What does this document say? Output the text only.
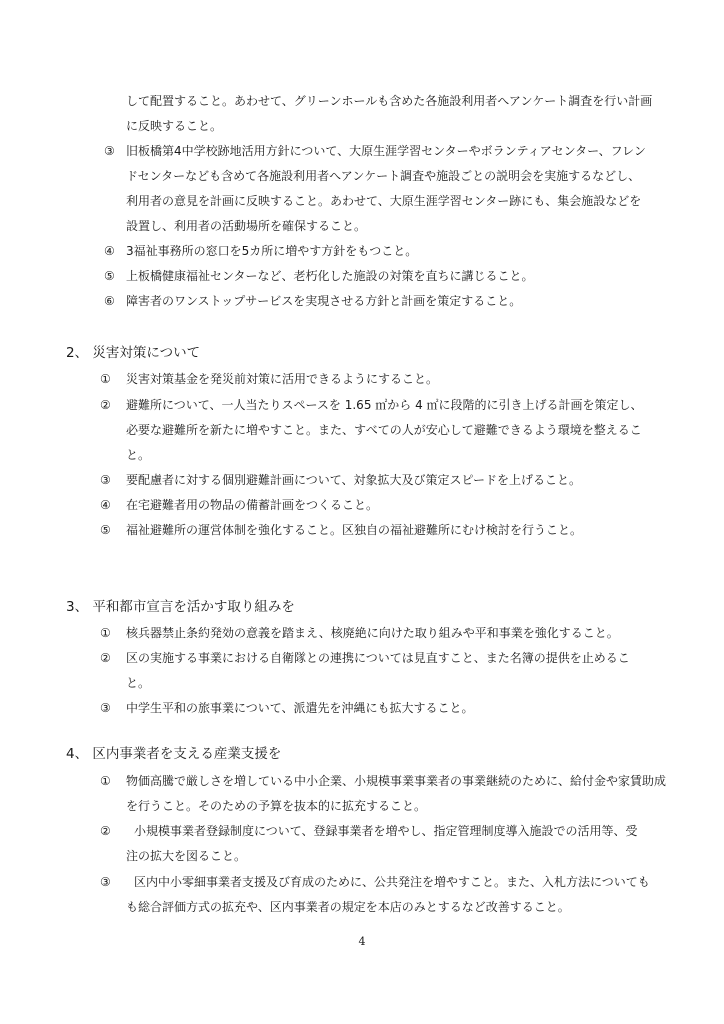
して配置すること。あわせて、グリーンホールも含めた各施設利用者へアンケート調査を行い計画
に反映すること。
③ 旧板橋第4中学校跡地活用方針について、大原生涯学習センターやボランティアセンター、フレン
ドセンターなども含めて各施設利用者へアンケート調査や施設ごとの説明会を実施するなどし、
利用者の意見を計画に反映すること。あわせて、大原生涯学習センター跡にも、集会施設などを
設置し、利用者の活動場所を確保すること。
④ 3福祉事務所の窓口を5カ所に増やす方針をもつこと。
⑤ 上板橋健康福祉センターなど、老朽化した施設の対策を直ちに講じること。
⑥ 障害者のワンストップサービスを実現させる方針と計画を策定すること。
2、 災害対策について
① 災害対策基金を発災前対策に活用できるようにすること。
② 避難所について、一人当たりスペースを 1.65 ㎡から 4 ㎡に段階的に引き上げる計画を策定し、
必要な避難所を新たに増やすこと。また、すべての人が安心して避難できるよう環境を整えるこ
と。
③ 要配慮者に対する個別避難計画について、対象拡大及び策定スピードを上げること。
④ 在宅避難者用の物品の備蓄計画をつくること。
⑤ 福祉避難所の運営体制を強化すること。区独自の福祉避難所にむけ検討を行うこと。
3、 平和都市宣言を活かす取り組みを
① 核兵器禁止条約発効の意義を踏まえ、核廃絶に向けた取り組みや平和事業を強化すること。
② 区の実施する事業における自衛隊との連携については見直すこと、また名簿の提供を止めるこ
と。
③ 中学生平和の旅事業について、派遣先を沖縄にも拡大すること。
4、 区内事業者を支える産業支援を
① 物価高騰で厳しさを増している中小企業、小規模事業事業者の事業継続のために、給付金や家賃助成
を行うこと。そのための予算を抜本的に拡充すること。
② 小規模事業者登録制度について、登録事業者を増やし、指定管理制度導入施設での活用等、受
注の拡大を図ること。
③ 区内中小零細事業者支援及び育成のために、公共発注を増やすこと。また、入札方法についても
も総合評価方式の拡充や、区内事業者の規定を本店のみとするなど改善すること。
4
